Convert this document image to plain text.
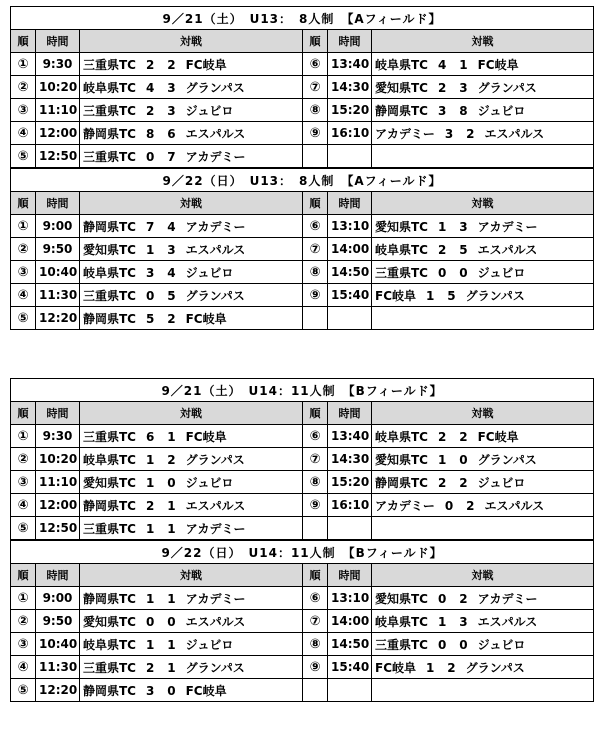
9／21（土）　U13：　8人制　【Aフィールド】					
順	時間	対戦	順	時間	対戦
①	9:30	三重県TC 2 2 FC岐阜	⑥	13:40	岐阜県TC 4 1 FC岐阜
②	10:20	岐阜県TC 4 3 グランパス	⑦	14:30	愛知県TC 2 3 グランパス
③	11:10	三重県TC 2 3 ジュビロ	⑧	15:20	静岡県TC 3 8 ジュビロ
④	12:00	静岡県TC 8 6 エスパルス	⑨	16:10	アカデミー 3 2 エスパルス
⑤	12:50	三重県TC 0 7 アカデミー			
9／22（日）　U13：　8人制　【Aフィールド】					
順	時間	対戦	順	時間	対戦
①	9:00	静岡県TC 7 4 アカデミー	⑥	13:10	愛知県TC 1 3 アカデミー
②	9:50	愛知県TC 1 3 エスパルス	⑦	14:00	岐阜県TC 2 5 エスパルス
③	10:40	岐阜県TC 3 4 ジュビロ	⑧	14:50	三重県TC 0 0 ジュビロ
④	11:30	三重県TC 0 5 グランパス	⑨	15:40	FC岐阜 1 5 グランパス
⑤	12:20	静岡県TC 5 2 FC岐阜			
9／21（土）　U14：11人制　【Bフィールド】					
順	時間	対戦	順	時間	対戦
①	9:30	三重県TC 6 1 FC岐阜	⑥	13:40	岐阜県TC 2 2 FC岐阜
②	10:20	岐阜県TC 1 2 グランパス	⑦	14:30	愛知県TC 1 0 グランパス
③	11:10	愛知県TC 1 0 ジュビロ	⑧	15:20	静岡県TC 2 2 ジュビロ
④	12:00	静岡県TC 2 1 エスパルス	⑨	16:10	アカデミー 0 2 エスパルス
⑤	12:50	三重県TC 1 1 アカデミー			
9／22（日）　U14：11人制　【Bフィールド】					
順	時間	対戦	順	時間	対戦
①	9:00	静岡県TC 1 1 アカデミー	⑥	13:10	愛知県TC 0 2 アカデミー
②	9:50	愛知県TC 0 0 エスパルス	⑦	14:00	岐阜県TC 1 3 エスパルス
③	10:40	岐阜県TC 1 1 ジュビロ	⑧	14:50	三重県TC 0 0 ジュビロ
④	11:30	三重県TC 2 1 グランパス	⑨	15:40	FC岐阜 1 2 グランパス
⑤	12:20	静岡県TC 3 0 FC岐阜			
